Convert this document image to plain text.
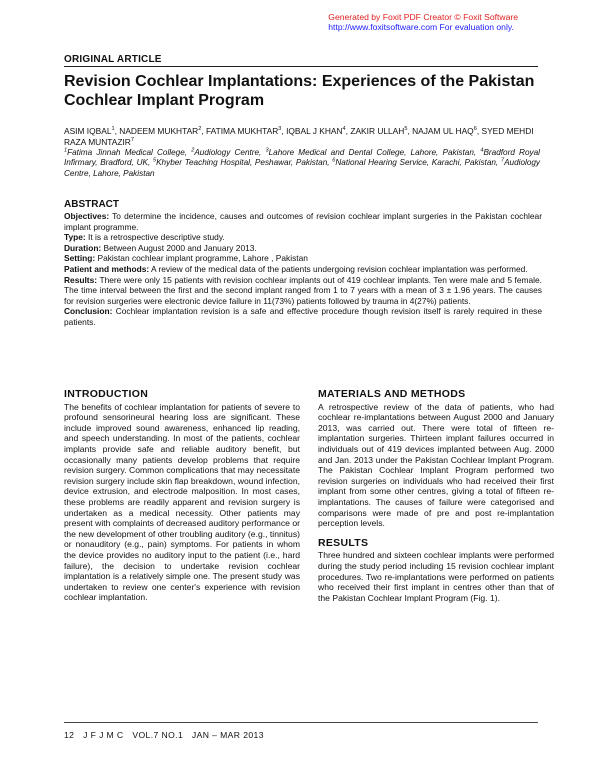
Generated by Foxit PDF Creator © Foxit Software
http://www.foxitsoftware.com For evaluation only.
ORIGINAL ARTICLE
Revision Cochlear Implantations: Experiences of the Pakistan Cochlear Implant Program
ASIM IQBAL$^1$, NADEEM MUKHTAR$^2$, FATIMA MUKHTAR$^3$, IQBAL J KHAN$^4$, ZAKIR ULLAH$^5$, NAJAM UL HAQ$^6$, SYED MEHDI RAZA MUNTAZIR$^7$
$^1$Fatima Jinnah Medical College, $^2$Audiology Centre, $^3$Lahore Medical and Dental College, Lahore, Pakistan, $^4$Bradford Royal Infirmary, Bradford, UK, $^5$Khyber Teaching Hospital, Peshawar, Pakistan, $^6$National Hearing Service, Karachi, Pakistan, $^7$Audiology Centre, Lahore, Pakistan
ABSTRACT

Objectives: To determine the incidence, causes and outcomes of revision cochlear implant surgeries in the Pakistan cochlear implant programme.

Type: It is a retrospective descriptive study.

Duration: Between August 2000 and January 2013.

Setting: Pakistan cochlear implant programme, Lahore , Pakistan

Patient and methods: A review of the medical data of the patients undergoing revision cochlear implantation was performed.

Results: There were only 15 patients with revision cochlear implants out of 419 cochlear implants. Ten were male and 5 female. The time interval between the first and the second implant ranged from 1 to 7 years with a mean of 3 ± 1.96 years. The causes for revision surgeries were electronic device failure in 11(73%) patients followed by trauma in 4(27%) patients.

Conclusion: Cochlear implantation revision is a safe and effective procedure though revision itself is rarely required in these patients.

INTRODUCTION

The benefits of cochlear implantation for patients of severe to profound sensorineural hearing loss are significant. These include improved sound awareness, enhanced lip reading, and speech understanding. In most of the patients, cochlear implants provide safe and reliable auditory benefit, but occasionally many patients develop problems that require revision surgery. Common complications that may necessitate revision surgery include skin flap breakdown, wound infection, device extrusion, and electrode malposition. In most cases, these problems are readily apparent and revision surgery is undertaken as a medical necessity. Other patients may present with complaints of decreased auditory performance or the new development of other troubling auditory (e.g., tinnitus) or nonauditory (e.g., pain) symptoms. For patients in whom the device provides no auditory input to the patient (i.e., hard failure), the decision to undertake revision cochlear implantation is a relatively simple one. The present study was undertaken to review one center's experience with revision cochlear implantation.

MATERIALS AND METHODS

A retrospective review of the data of patients, who had cochlear re-implantations between August 2000 and January 2013, was carried out. There were total of fifteen re-implantation surgeries. Thirteen implant failures occurred in individuals out of 419 devices implanted between Aug. 2000 and Jan. 2013 under the Pakistan Cochlear Implant Program. The Pakistan Cochlear Implant Program performed two revision surgeries on individuals who had received their first implant from some other centres, giving a total of fifteen re-implantations. The causes of failure were categorised and comparisons were made of pre and post re-implantation perception levels.

RESULTS

Three hundred and sixteen cochlear implants were performed during the study period including 15 revision cochlear implant procedures. Two re-implantations were performed on patients who received their first implant in centres other than that of the Pakistan Cochlear Implant Program (Fig. 1).

12 J F J M C VOL.7 NO.1 JAN – MAR 2013
